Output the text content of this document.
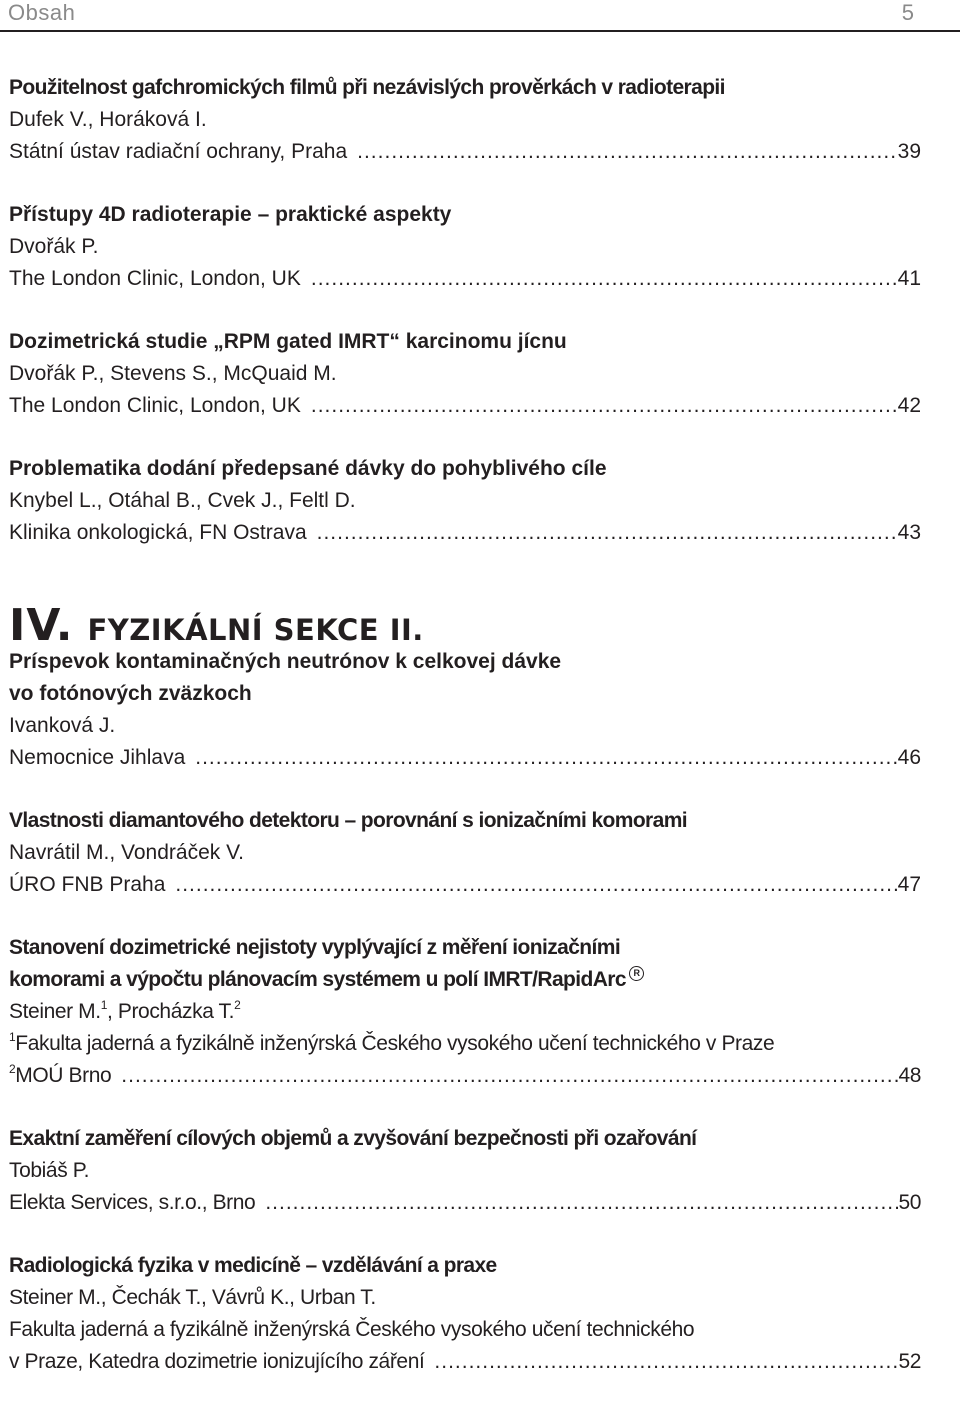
Obsah	5
Použitelnost gafchromických filmů při nezávislých prověrkách v radioterapii
Dufek V., Horáková I.
Státní ústav radiační ochrany, Praha .....	39
Přístupy 4D radioterapie – praktické aspekty
Dvořák P.
The London Clinic, London, UK .....	41
Dozimetrická studie „RPM gated IMRT“ karcinomu jícnu
Dvořák P., Stevens S., McQuaid M.
The London Clinic, London, UK .....	42
Problematika dodání předepsané dávky do pohyblivého cíle
Knybel L., Otáhal B., Cvek J., Feltl D.
Klinika onkologická, FN Ostrava .....	43
IV. FYZIKÁLNÍ SEKCE II.
Príspevok kontaminačných neutrónov k celkovej dávke
vo fotónových zväzkoch
Ivanková J.
Nemocnice Jihlava .....	46
Vlastnosti diamantového detektoru – porovnání s ionizačními komorami
Navrátil M., Vondráček V.
ÚRO FNB Praha .....	47
Stanovení dozimetrické nejistoty vyplývající z měření ionizačními
komorami a výpočtu plánovacím systémem u polí IMRT/RapidArc R
Steiner M.$^1$, Procházka T.$^2$
$^1$Fakulta jaderná a fyzikálně inženýrská Českého vysokého učení technického v Praze
$^2$MOÚ Brno .....	48
Exaktní zaměření cílových objemů a zvyšování bezpečnosti při ozařování
Tobiáš P.
Elekta Services, s.r.o., Brno .....	50
Radiologická fyzika v medicíně – vzdělávání a praxe
Steiner M., Čechák T., Vávrů K., Urban T.
Fakulta jaderná a fyzikálně inženýrská Českého vysokého učení technického
v Praze, Katedra dozimetrie ionizujícího záření .....	52
